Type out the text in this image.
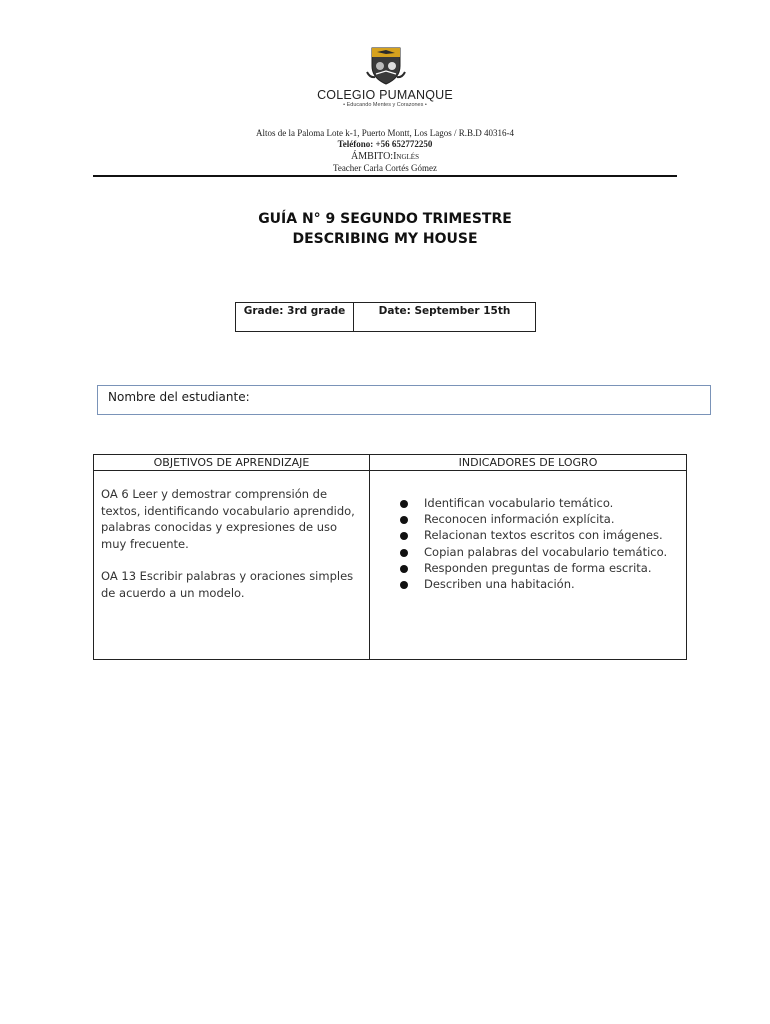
COLEGIO PUMANQUE
• Educando Mentes y Corazones •
Altos de la Paloma Lote k-1, Puerto Montt, Los Lagos / R.B.D 40316-4
Teléfono: +56 652772250
ÁMBITO:Inglés
Teacher Carla Cortés Gómez
GUÍA N° 9 SEGUNDO TRIMESTRE
DESCRIBING MY HOUSE
Grade: 3rd grade	Date: September 15th
Nombre del estudiante:
OBJETIVOS DE APRENDIZAJE	INDICADORES DE LOGRO

OA 6 Leer y demostrar comprensión de textos, identificando vocabulario aprendido, palabras conocidas y expresiones de uso muy frecuente.

OA 13 Escribir palabras y oraciones simples de acuerdo a un modelo.

Identifican vocabulario temático.
Reconocen información explícita.
Relacionan textos escritos con imágenes.
Copian palabras del vocabulario temático.
Responden preguntas de forma escrita.
Describen una habitación.
